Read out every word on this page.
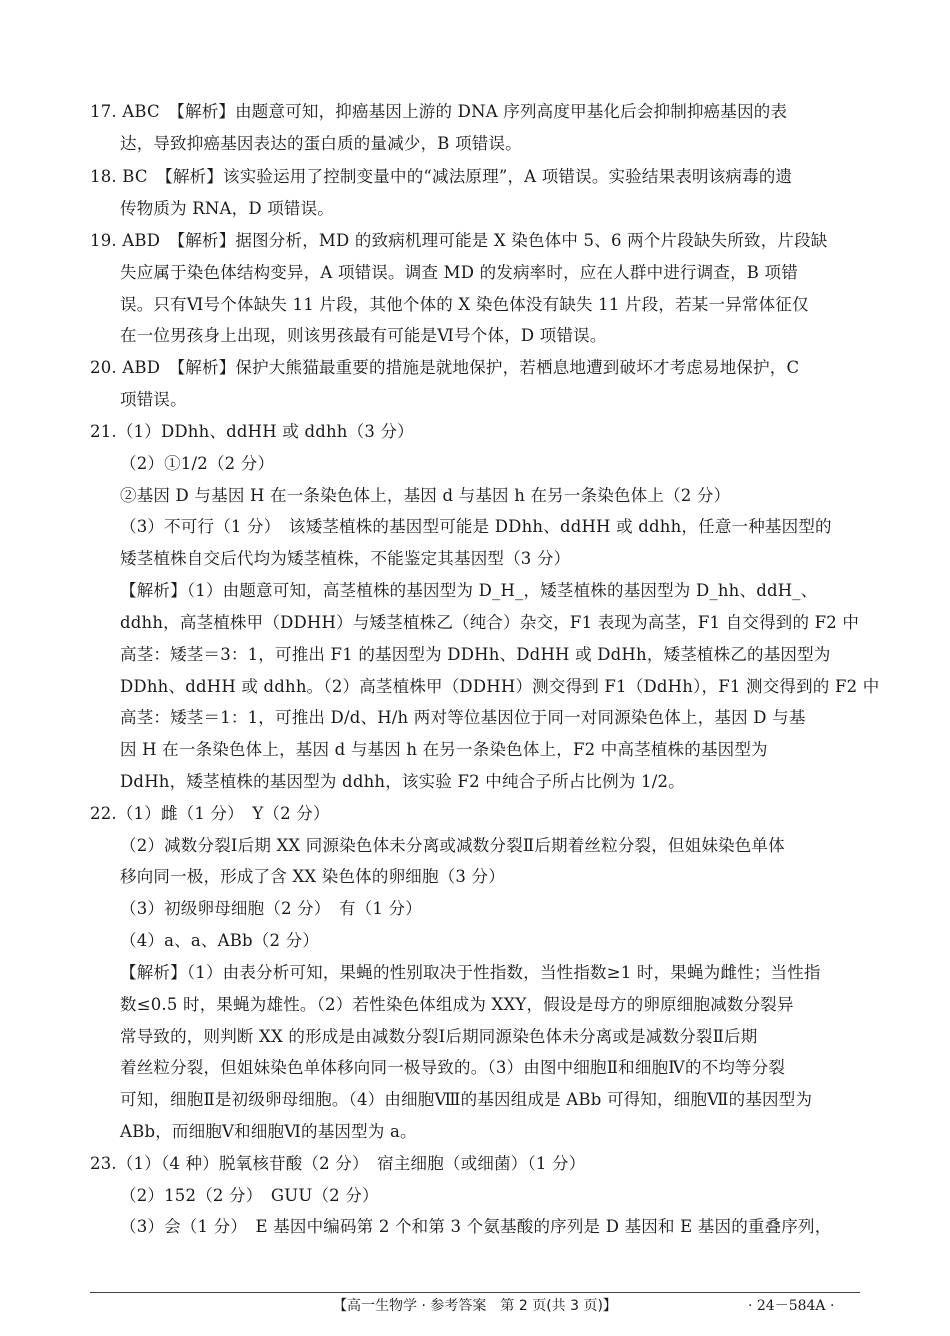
17. ABC　【解析】由题意可知，抑癌基因上游的 DNA 序列高度甲基化后会抑制抑癌基因的表
达，导致抑癌基因表达的蛋白质的量减少，B 项错误。
18. BC　【解析】该实验运用了控制变量中的“减法原理”，A 项错误。实验结果表明该病毒的遗
传物质为 RNA，D 项错误。
19. ABD　【解析】据图分析，MD 的致病机理可能是 X 染色体中 5、6 两个片段缺失所致，片段缺
失应属于染色体结构变异，A 项错误。调查 MD 的发病率时，应在人群中进行调查，B 项错
误。只有Ⅵ号个体缺失 11 片段，其他个体的 X 染色体没有缺失 11 片段，若某一异常体征仅
在一位男孩身上出现，则该男孩最有可能是Ⅵ号个体，D 项错误。
20. ABD　【解析】保护大熊猫最重要的措施是就地保护，若栖息地遭到破坏才考虑易地保护，C
项错误。
21.（1）DDhh、ddHH 或 ddhh（3 分）
（2）①1/2（2 分）
②基因 D 与基因 H 在一条染色体上，基因 d 与基因 h 在另一条染色体上（2 分）
（3）不可行（1 分）　该矮茎植株的基因型可能是 DDhh、ddHH 或 ddhh，任意一种基因型的
矮茎植株自交后代均为矮茎植株，不能鉴定其基因型（3 分）
【解析】（1）由题意可知，高茎植株的基因型为 D_H_，矮茎植株的基因型为 D_hh、ddH_、
ddhh，高茎植株甲（DDHH）与矮茎植株乙（纯合）杂交，F1 表现为高茎，F1 自交得到的 F2 中
高茎：矮茎＝3：1，可推出 F1 的基因型为 DDHh、DdHH 或 DdHh，矮茎植株乙的基因型为
DDhh、ddHH 或 ddhh。（2）高茎植株甲（DDHH）测交得到 F1（DdHh），F1 测交得到的 F2 中
高茎：矮茎＝1：1，可推出 D/d、H/h 两对等位基因位于同一对同源染色体上，基因 D 与基
因 H 在一条染色体上，基因 d 与基因 h 在另一条染色体上，F2 中高茎植株的基因型为
DdHh，矮茎植株的基因型为 ddhh，该实验 F2 中纯合子所占比例为 1/2。
22.（1）雌（1 分）　Y（2 分）
（2）减数分裂Ⅰ后期 XX 同源染色体未分离或减数分裂Ⅱ后期着丝粒分裂，但姐妹染色单体
移向同一极，形成了含 XX 染色体的卵细胞（3 分）
（3）初级卵母细胞（2 分）　有（1 分）
（4）a、a、ABb（2 分）
【解析】（1）由表分析可知，果蝇的性别取决于性指数，当性指数≥1 时，果蝇为雌性；当性指
数≤0.5 时，果蝇为雄性。（2）若性染色体组成为 XXY，假设是母方的卵原细胞减数分裂异
常导致的，则判断 XX 的形成是由减数分裂Ⅰ后期同源染色体未分离或是减数分裂Ⅱ后期
着丝粒分裂，但姐妹染色单体移向同一极导致的。（3）由图中细胞Ⅱ和细胞Ⅳ的不均等分裂
可知，细胞Ⅱ是初级卵母细胞。（4）由细胞Ⅷ的基因组成是 ABb 可得知，细胞Ⅶ的基因型为
ABb，而细胞Ⅴ和细胞Ⅵ的基因型为 a。
23.（1）（4 种）脱氧核苷酸（2 分）　宿主细胞（或细菌）（1 分）
（2）152（2 分）　GUU（2 分）
（3）会（1 分）　E 基因中编码第 2 个和第 3 个氨基酸的序列是 D 基因和 E 基因的重叠序列，
【高一生物学 · 参考答案　第 2 页(共 3 页)】	· 24－584A ·
